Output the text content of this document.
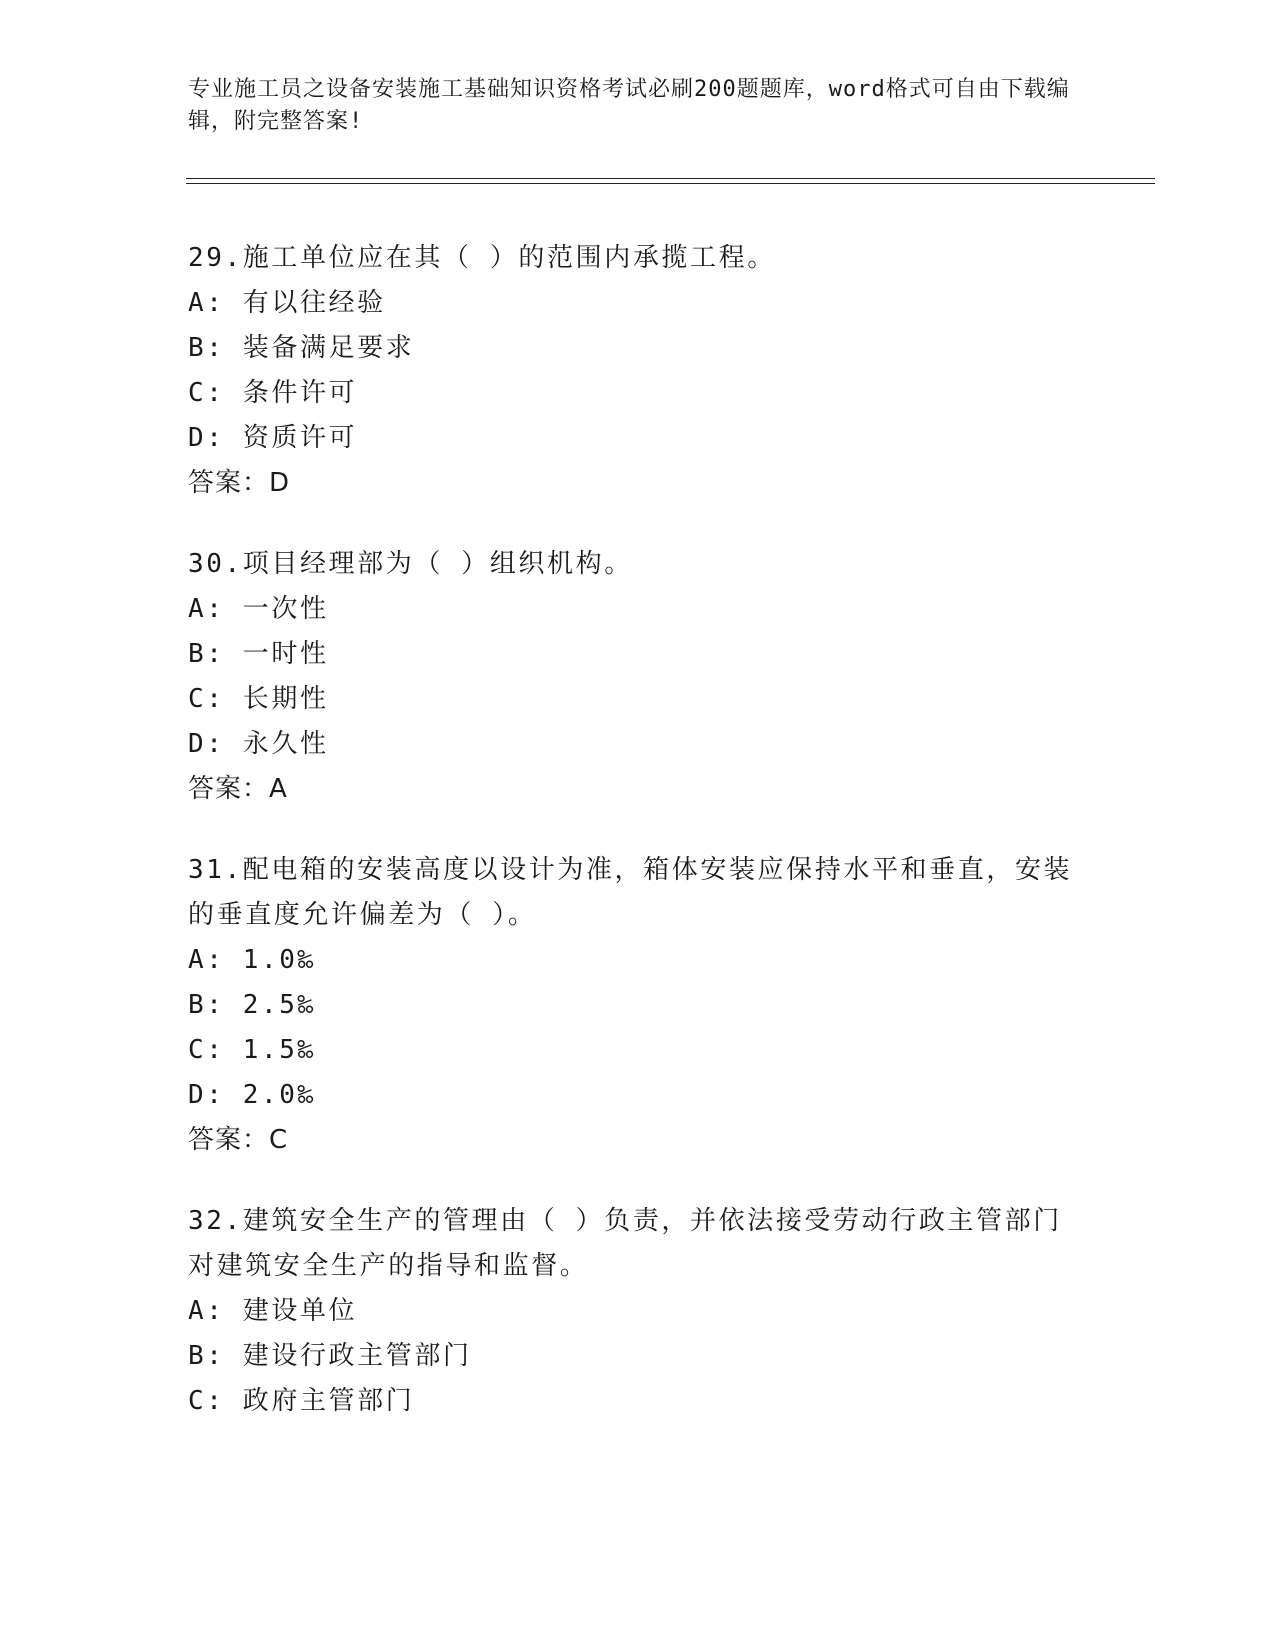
专业施工员之设备安装施工基础知识资格考试必刷200题题库，word格式可自由下载编辑，附完整答案!

29.施工单位应在其（ ）的范围内承揽工程。

A: 有以往经验

B: 装备满足要求

C: 条件许可

D: 资质许可

答案：D

30.项目经理部为（ ）组织机构。

A: 一次性

B: 一时性

C: 长期性

D: 永久性

答案：A

31.配电箱的安装高度以设计为准，箱体安装应保持水平和垂直，安装的垂直度允许偏差为（ ）。

A: 1.0‰

B: 2.5‰

C: 1.5‰

D: 2.0‰

答案：C

32.建筑安全生产的管理由（ ）负责，并依法接受劳动行政主管部门对建筑安全生产的指导和监督。

A: 建设单位

B: 建设行政主管部门

C: 政府主管部门
